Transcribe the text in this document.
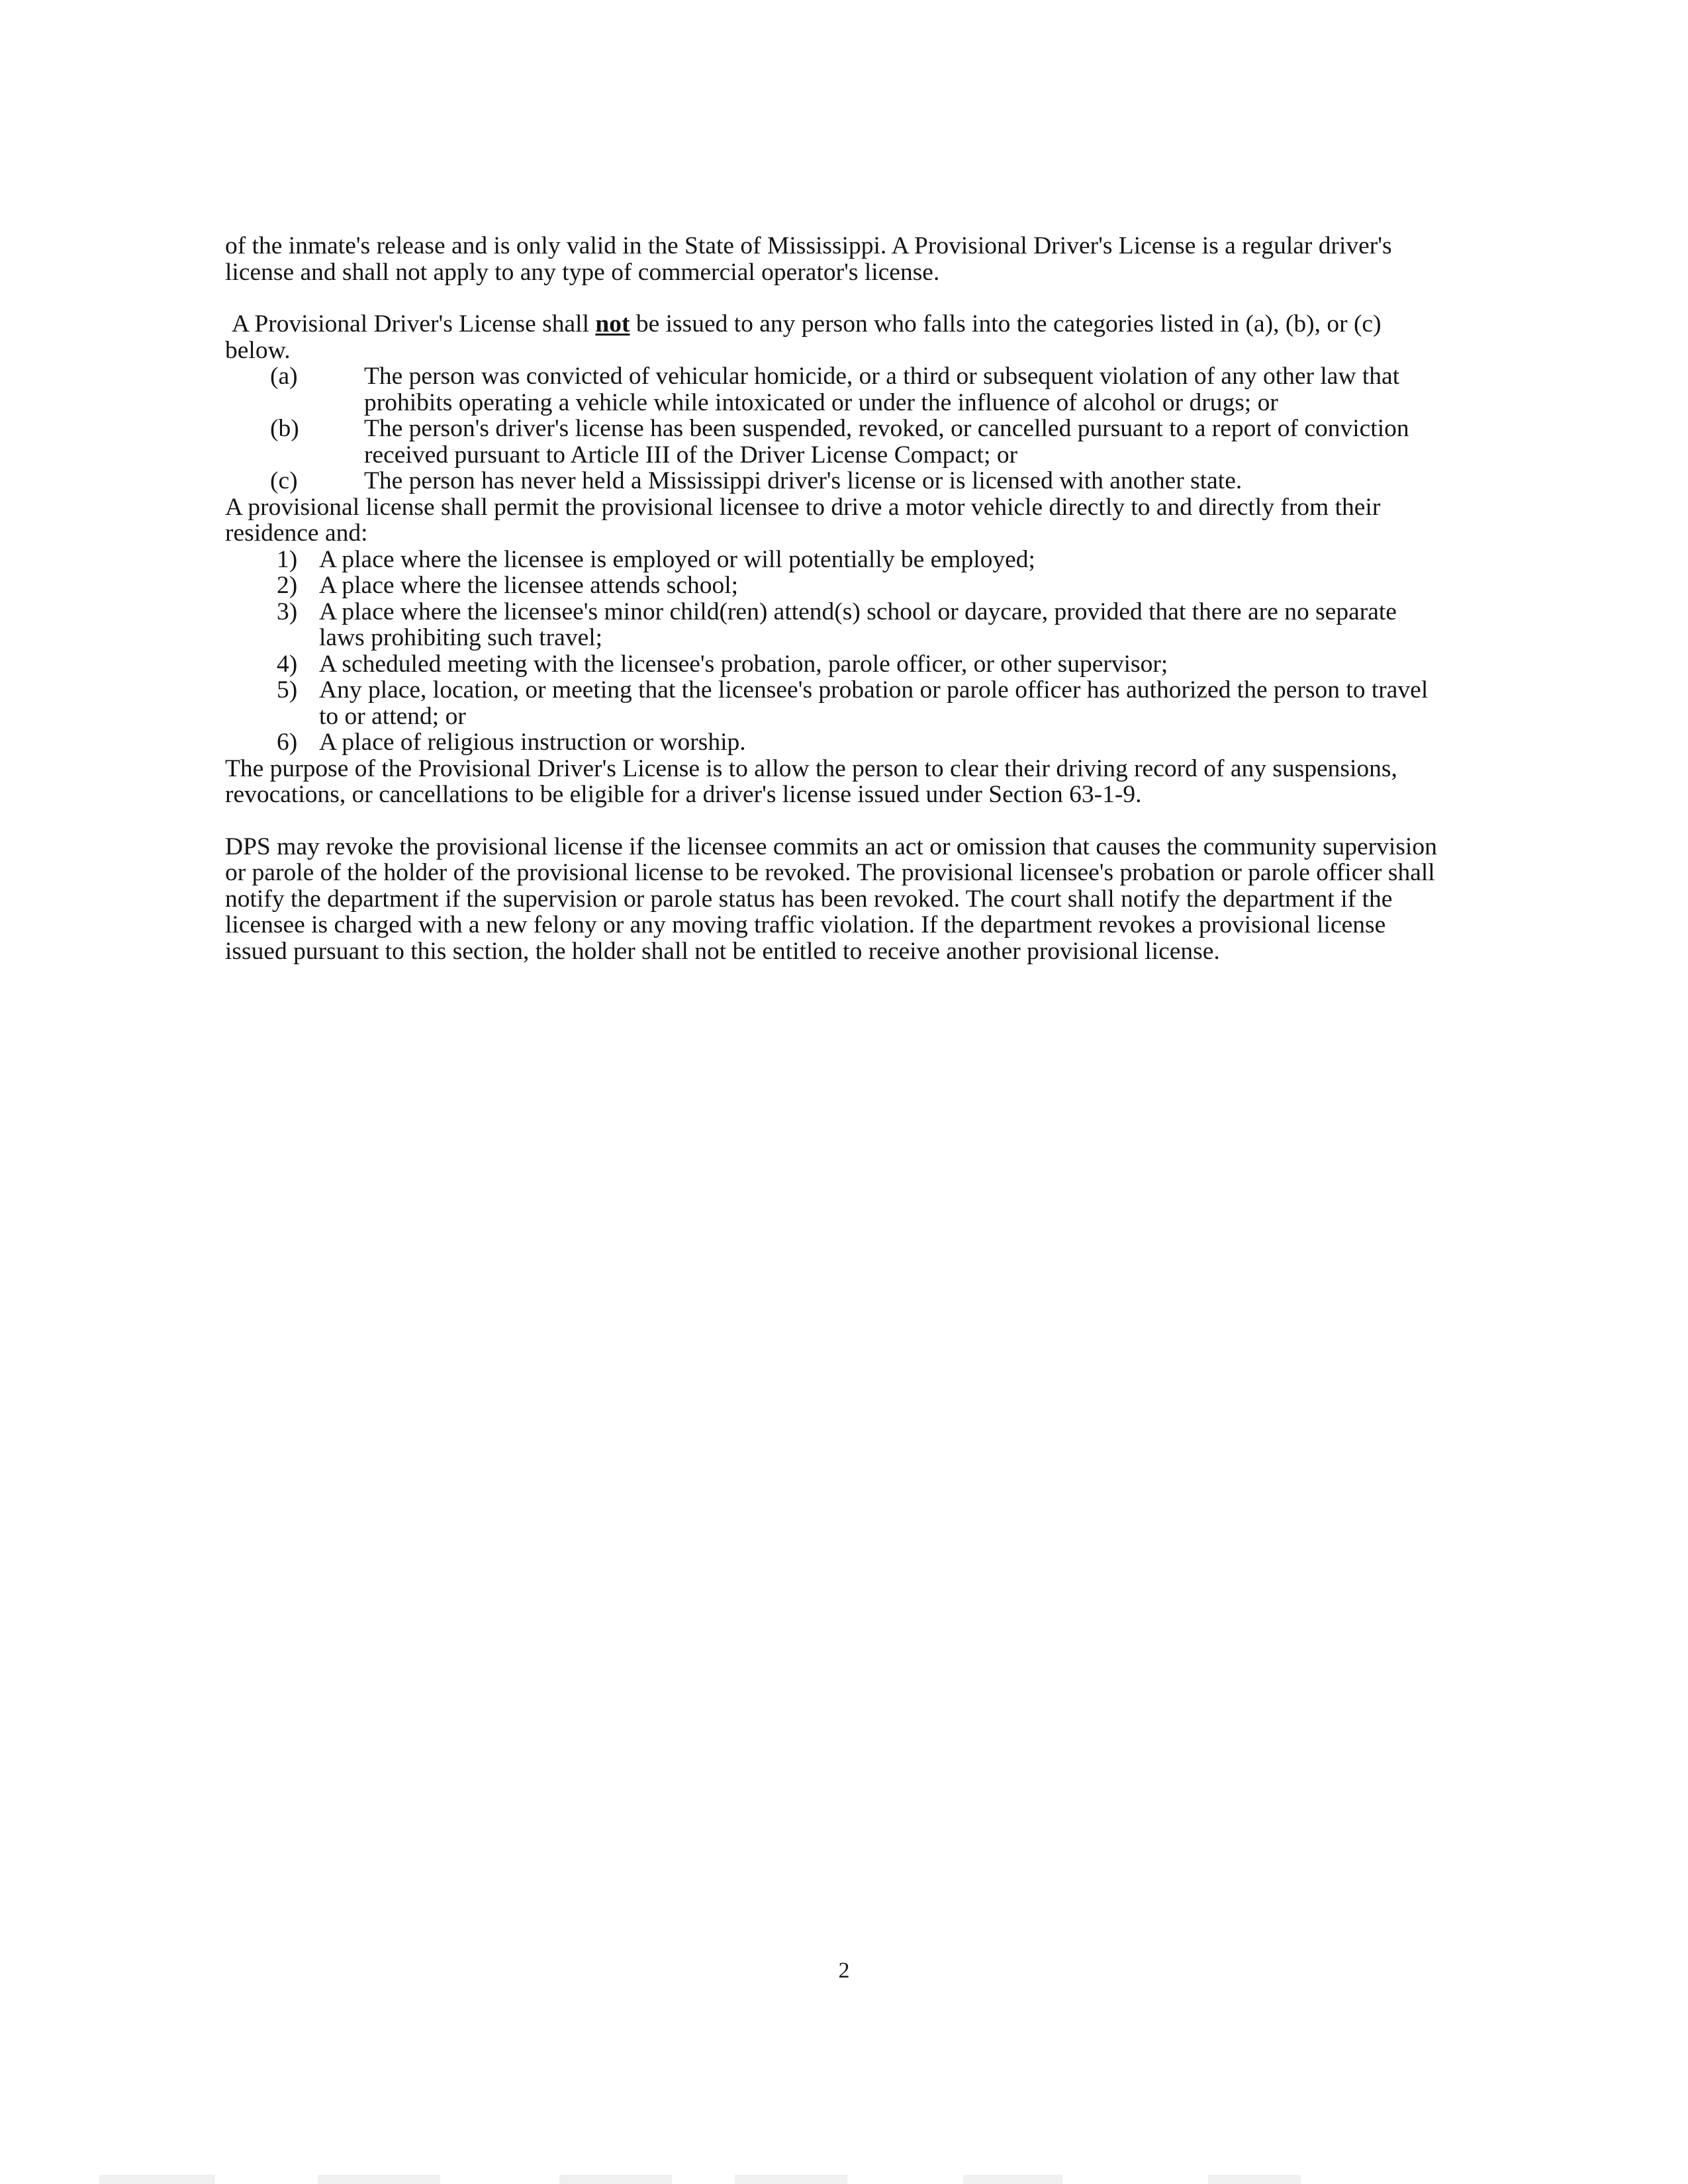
of the inmate's release and is only valid in the State of Mississippi. A Provisional Driver's License is a regular driver's license and shall not apply to any type of commercial operator's license.

A Provisional Driver's License shall not be issued to any person who falls into the categories listed in (a), (b), or (c) below.

(a)	The person was convicted of vehicular homicide, or a third or subsequent violation of any other law that prohibits operating a vehicle while intoxicated or under the influence of alcohol or drugs; or
(b)	The person's driver's license has been suspended, revoked, or cancelled pursuant to a report of conviction received pursuant to Article III of the Driver License Compact; or
(c)	The person has never held a Mississippi driver's license or is licensed with another state.

A provisional license shall permit the provisional licensee to drive a motor vehicle directly to and directly from their residence and:

1) A place where the licensee is employed or will potentially be employed;
2) A place where the licensee attends school;
3) A place where the licensee's minor child(ren) attend(s) school or daycare, provided that there are no separate laws prohibiting such travel;
4) A scheduled meeting with the licensee's probation, parole officer, or other supervisor;
5) Any place, location, or meeting that the licensee's probation or parole officer has authorized the person to travel to or attend; or
6) A place of religious instruction or worship.

The purpose of the Provisional Driver's License is to allow the person to clear their driving record of any suspensions, revocations, or cancellations to be eligible for a driver's license issued under Section 63-1-9.

DPS may revoke the provisional license if the licensee commits an act or omission that causes the community supervision or parole of the holder of the provisional license to be revoked. The provisional licensee's probation or parole officer shall notify the department if the supervision or parole status has been revoked. The court shall notify the department if the licensee is charged with a new felony or any moving traffic violation. If the department revokes a provisional license issued pursuant to this section, the holder shall not be entitled to receive another provisional license.

2
